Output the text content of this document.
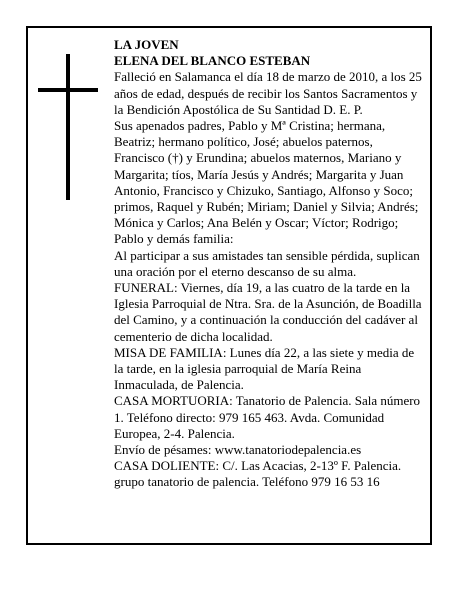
LA JOVEN

ELENA DEL BLANCO ESTEBAN

Falleció en Salamanca el día 18 de marzo de 2010, a los 25 años de edad, después de recibir los Santos Sacramentos y la Bendición Apostólica de Su Santidad D. E. P.

Sus apenados padres, Pablo y Mª Cristina; hermana, Beatriz; hermano político, José; abuelos paternos, Francisco (†) y Erundina; abuelos maternos, Mariano y Margarita; tíos, María Jesús y Andrés; Margarita y Juan Antonio, Francisco y Chizuko, Santiago, Alfonso y Soco; primos, Raquel y Rubén; Miriam; Daniel y Silvia; Andrés; Mónica y Carlos; Ana Belén y Oscar; Víctor; Rodrigo; Pablo y demás familia:

Al participar a sus amistades tan sensible pérdida, suplican una oración por el eterno descanso de su alma.

FUNERAL: Viernes, día 19, a las cuatro de la tarde en la Iglesia Parroquial de Ntra. Sra. de la Asunción, de Boadilla del Camino, y a continuación la conducción del cadáver al cementerio de dicha localidad.

MISA DE FAMILIA: Lunes día 22, a las siete y media de la tarde, en la iglesia parroquial de María Reina Inmaculada, de Palencia.

CASA MORTUORIA: Tanatorio de Palencia. Sala número 1. Teléfono directo: 979 165 463. Avda. Comunidad Europea, 2-4. Palencia.

Envío de pésames: www.tanatoriodepalencia.es

CASA DOLIENTE: C/. Las Acacias, 2-13º F. Palencia.

grupo tanatorio de palencia. Teléfono 979 16 53 16
